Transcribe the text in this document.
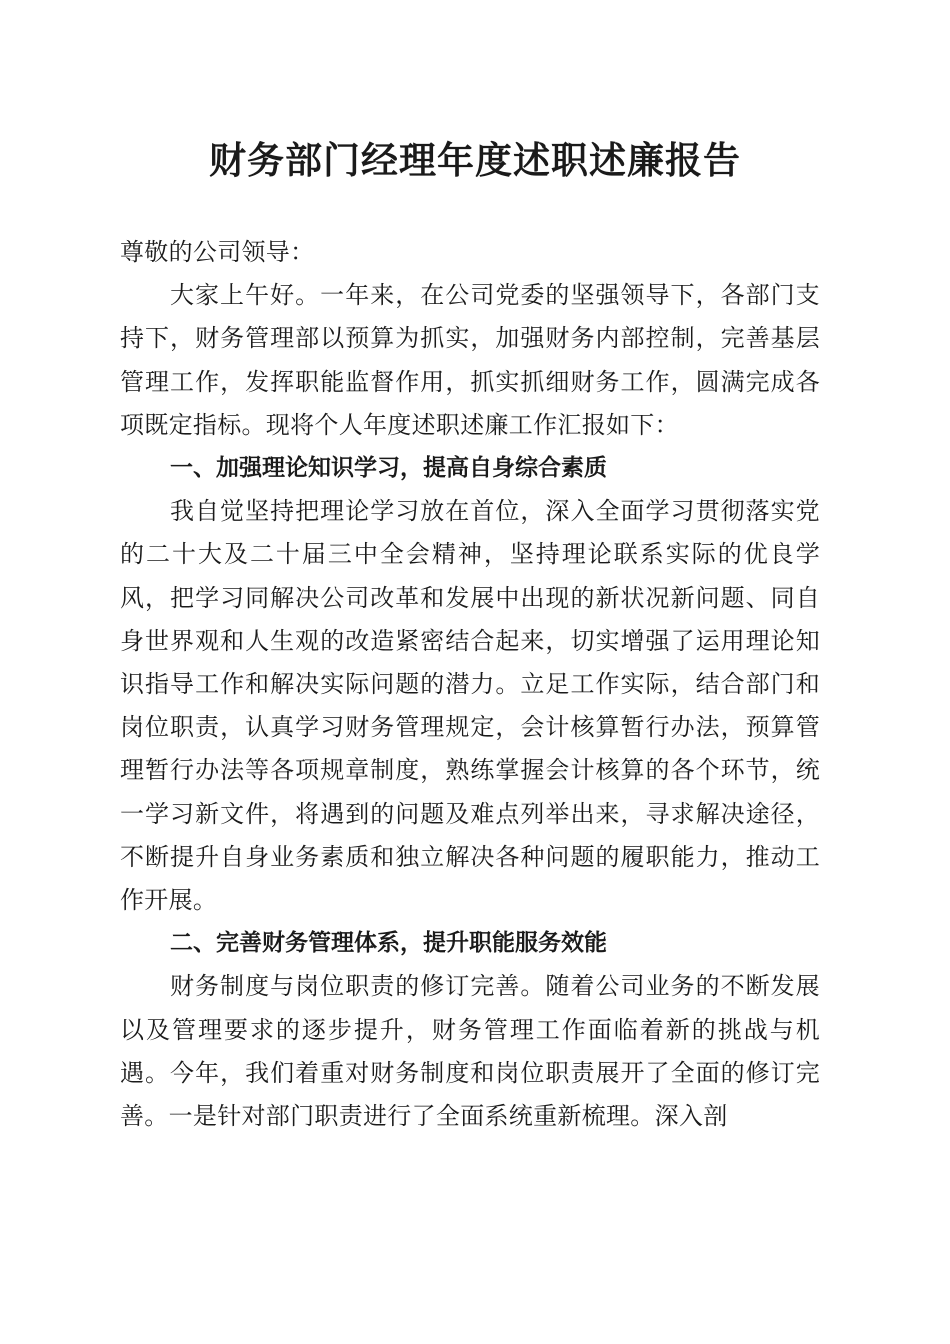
财务部门经理年度述职述廉报告

尊敬的公司领导：

大家上午好。一年来，在公司党委的坚强领导下，各部门支持下，财务管理部以预算为抓实，加强财务内部控制，完善基层管理工作，发挥职能监督作用，抓实抓细财务工作，圆满完成各项既定指标。现将个人年度述职述廉工作汇报如下：

一、加强理论知识学习，提高自身综合素质

我自觉坚持把理论学习放在首位，深入全面学习贯彻落实党的二十大及二十届三中全会精神，坚持理论联系实际的优良学风，把学习同解决公司改革和发展中出现的新状况新问题、同自身世界观和人生观的改造紧密结合起来，切实增强了运用理论知识指导工作和解决实际问题的潜力。立足工作实际，结合部门和岗位职责，认真学习财务管理规定，会计核算暂行办法，预算管理暂行办法等各项规章制度，熟练掌握会计核算的各个环节，统一学习新文件，将遇到的问题及难点列举出来，寻求解决途径，不断提升自身业务素质和独立解决各种问题的履职能力，推动工作开展。

二、完善财务管理体系，提升职能服务效能

财务制度与岗位职责的修订完善。随着公司业务的不断发展以及管理要求的逐步提升，财务管理工作面临着新的挑战与机遇。今年，我们着重对财务制度和岗位职责展开了全面的修订完善。一是针对部门职责进行了全面系统重新梳理。深入剖
